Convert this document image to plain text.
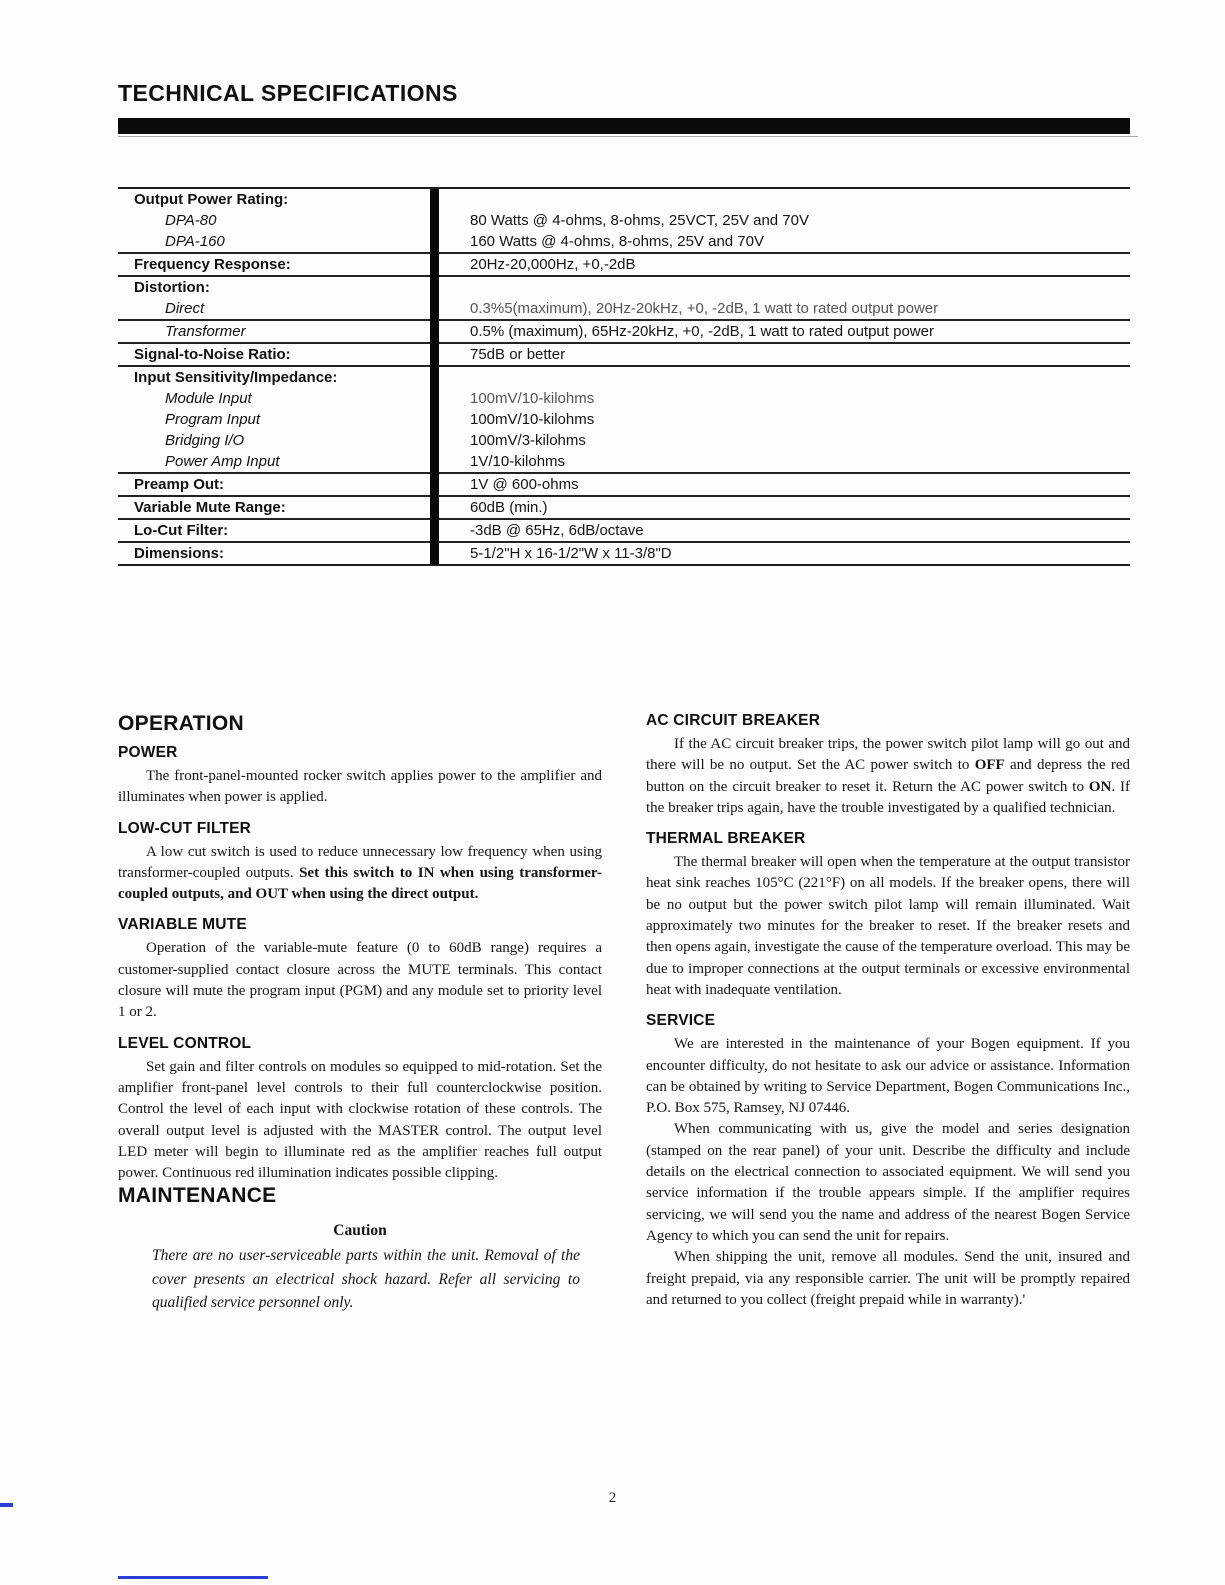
TECHNICAL SPECIFICATIONS
Output Power Rating:
DPA-80	80 Watts @ 4-ohms, 8-ohms, 25VCT, 25V and 70V
DPA-160	160 Watts @ 4-ohms, 8-ohms, 25V and 70V
Frequency Response:	20Hz-20,000Hz, +0,-2dB
Distortion:
Direct	0.3%5(maximum), 20Hz-20kHz, +0, -2dB, 1 watt to rated output power
Transformer	0.5% (maximum), 65Hz-20kHz, +0, -2dB, 1 watt to rated output power
Signal-to-Noise Ratio:	75dB or better
Input Sensitivity/Impedance:
Module Input	100mV/10-kilohms
Program Input	100mV/10-kilohms
Bridging I/O	100mV/3-kilohms
Power Amp Input	1V/10-kilohms
Preamp Out:	1V @ 600-ohms
Variable Mute Range:	60dB (min.)
Lo-Cut Filter:	-3dB @ 65Hz, 6dB/octave
Dimensions:	5-1/2"H x 16-1/2"W x 11-3/8"D
OPERATION
POWER

The front-panel-mounted rocker switch applies power to the amplifier and illuminates when power is applied.

LOW-CUT FILTER

A low cut switch is used to reduce unnecessary low frequency when using transformer-coupled outputs. Set this switch to IN when using transformer-coupled outputs, and OUT when using the direct output.

VARIABLE MUTE

Operation of the variable-mute feature (0 to 60dB range) requires a customer-supplied contact closure across the MUTE terminals. This contact closure will mute the program input (PGM) and any module set to priority level 1 or 2.

LEVEL CONTROL

Set gain and filter controls on modules so equipped to mid-rotation. Set the amplifier front-panel level controls to their full counterclockwise position. Control the level of each input with clockwise rotation of these controls. The overall output level is adjusted with the MASTER control. The output level LED meter will begin to illuminate red as the amplifier reaches full output power. Continuous red illumination indicates possible clipping.

MAINTENANCE
Caution

There are no user-serviceable parts within the unit. Removal of the cover presents an electrical shock hazard. Refer all servicing to qualified service personnel only.

AC CIRCUIT BREAKER

If the AC circuit breaker trips, the power switch pilot lamp will go out and there will be no output. Set the AC power switch to OFF and depress the red button on the circuit breaker to reset it. Return the AC power switch to ON. If the breaker trips again, have the trouble investigated by a qualified technician.

THERMAL BREAKER

The thermal breaker will open when the temperature at the output transistor heat sink reaches 105°C (221°F) on all models. If the breaker opens, there will be no output but the power switch pilot lamp will remain illuminated. Wait approximately two minutes for the breaker to reset. If the breaker resets and then opens again, investigate the cause of the temperature overload. This may be due to improper connections at the output terminals or excessive environmental heat with inadequate ventilation.

SERVICE

We are interested in the maintenance of your Bogen equipment. If you encounter difficulty, do not hesitate to ask our advice or assistance. Information can be obtained by writing to Service Department, Bogen Communications Inc., P.O. Box 575, Ramsey, NJ 07446.

When communicating with us, give the model and series designation (stamped on the rear panel) of your unit. Describe the difficulty and include details on the electrical connection to associated equipment. We will send you service information if the trouble appears simple. If the amplifier requires servicing, we will send you the name and address of the nearest Bogen Service Agency to which you can send the unit for repairs.

When shipping the unit, remove all modules. Send the unit, insured and freight prepaid, via any responsible carrier. The unit will be promptly repaired and returned to you collect (freight prepaid while in warranty).'

2
